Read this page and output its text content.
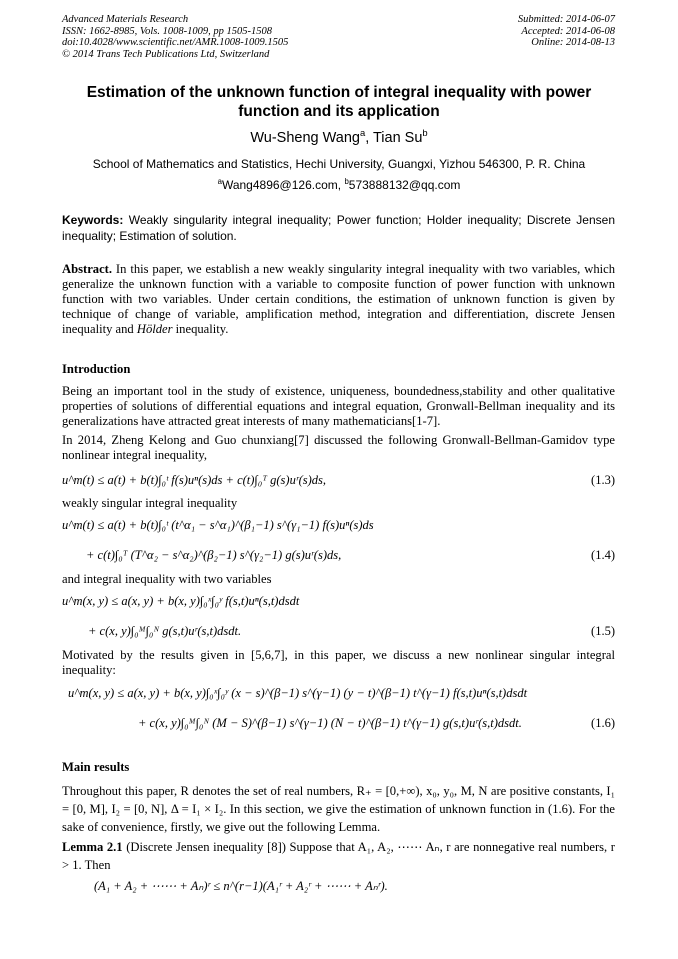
Advanced Materials Research
ISSN: 1662-8985, Vols. 1008-1009, pp 1505-1508
doi:10.4028/www.scientific.net/AMR.1008-1009.1505
© 2014 Trans Tech Publications Ltd, Switzerland
Submitted: 2014-06-07
Accepted: 2014-06-08
Online: 2014-08-13
Estimation of the unknown function of integral inequality with power function and its application
Wu-Sheng Wang$^a$, Tian Su$^b$
School of Mathematics and Statistics, Hechi University, Guangxi, Yizhou 546300, P. R. China
$^a$Wang4896@126.com, $^b$573888132@qq.com
Keywords: Weakly singularity integral inequality; Power function; Holder inequality; Discrete Jensen inequality; Estimation of solution.
Abstract. In this paper, we establish a new weakly singularity integral inequality with two variables, which generalize the unknown function with a variable to composite function of power function with unknown function with two variables. Under certain conditions, the estimation of unknown function is given by technique of change of variable, amplification method, integration and differentiation, discrete Jensen inequality and Hölder inequality.
Introduction
Being an important tool in the study of existence, uniqueness, boundedness,stability and other qualitative properties of solutions of differential equations and integral equation, Gronwall-Bellman inequality and its generalizations have attracted great interests of many mathematicians[1-7].
In 2014, Zheng Kelong and Guo chunxiang[7] discussed the following Gronwall-Bellman-Gamidov type nonlinear integral inequality,
u^m(t) ≤ a(t) + b(t)∫₀ᵗ f(s)uⁿ(s)ds + c(t)∫₀ᵀ g(s)uʳ(s)ds,	(1.3)
weakly singular integral inequality
u^m(t) ≤ a(t) + b(t)∫₀ᵗ (t^α₁ − s^α₁)^(β₁−1) s^(γ₁−1) f(s)uⁿ(s)ds
+ c(t)∫₀ᵀ (T^α₂ − s^α₂)^(β₂−1) s^(γ₂−1) g(s)uʳ(s)ds,	(1.4)
and integral inequality with two variables
u^m(x, y) ≤ a(x, y) + b(x, y)∫₀ˣ∫₀ʸ f(s,t)uⁿ(s,t)dsdt
+ c(x, y)∫₀ᴹ∫₀ᴺ g(s,t)uʳ(s,t)dsdt.	(1.5)
Motivated by the results given in [5,6,7], in this paper, we discuss a new nonlinear singular integral inequality:
u^m(x, y) ≤ a(x, y) + b(x, y)∫₀ˣ∫₀ʸ (x − s)^(β−1) s^(γ−1) (y − t)^(β−1) t^(γ−1) f(s,t)uⁿ(s,t)dsdt
+ c(x, y)∫₀ᴹ∫₀ᴺ (M − S)^(β−1) s^(γ−1) (N − t)^(β−1) t^(γ−1) g(s,t)uʳ(s,t)dsdt.	(1.6)
Main results
Throughout this paper, R denotes the set of real numbers, R₊ = [0,+∞), x₀, y₀, M, N are positive constants, I₁ = [0, M], I₂ = [0, N], Δ = I₁ × I₂. In this section, we give the estimation of unknown function in (1.6). For the sake of convenience, firstly, we give out the following Lemma.
Lemma 2.1 (Discrete Jensen inequality [8]) Suppose that A₁, A₂, ⋯⋯ Aₙ, r are nonnegative real numbers, r > 1. Then
(A₁ + A₂ + ⋯⋯ + Aₙ)ʳ ≤ n^(r−1)(A₁ʳ + A₂ʳ + ⋯⋯ + Aₙʳ).
